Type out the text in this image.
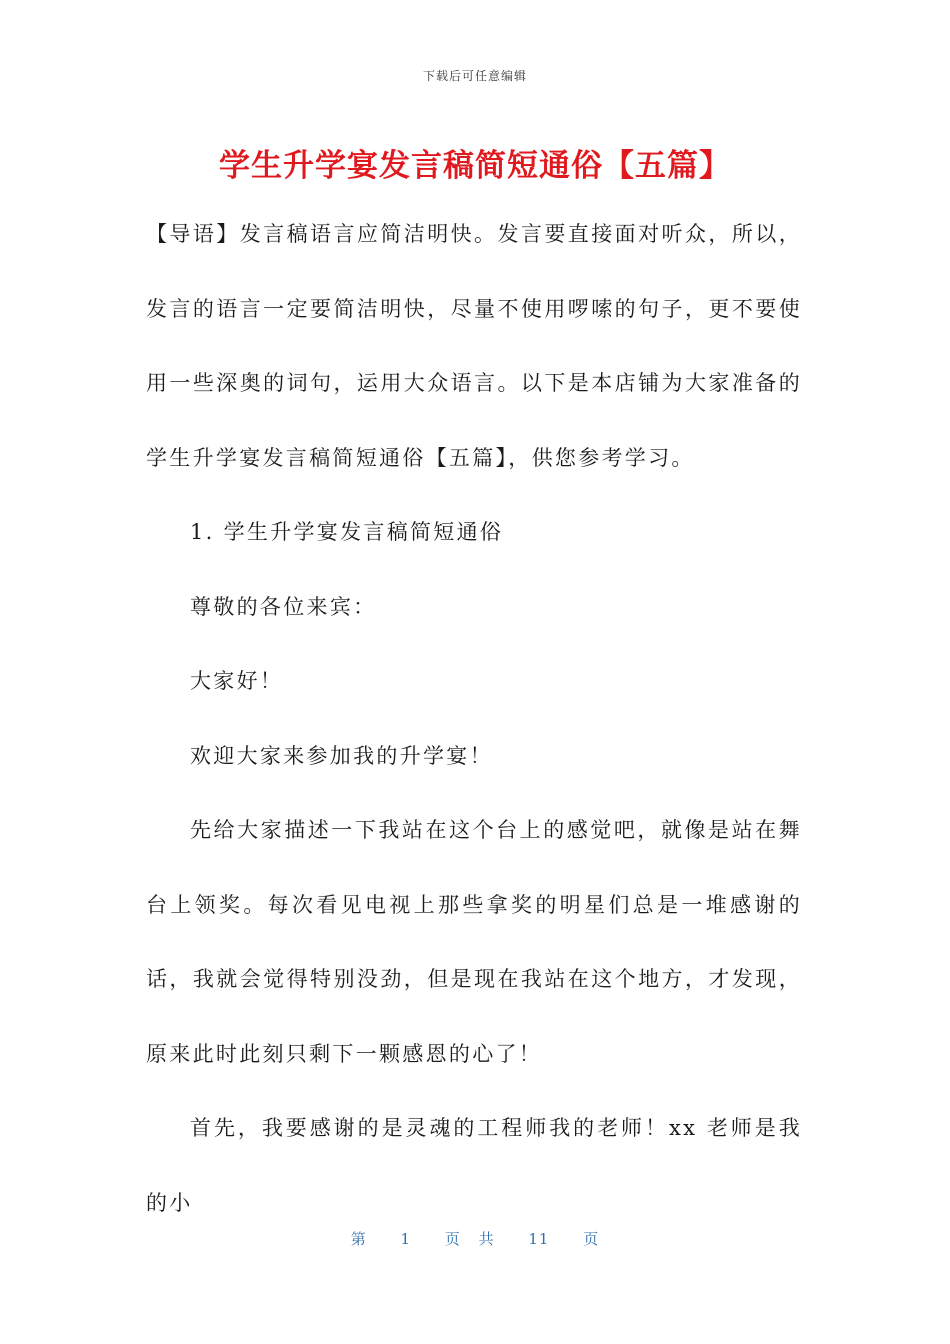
下载后可任意编辑
学生升学宴发言稿简短通俗【五篇】

【导语】发言稿语言应简洁明快。发言要直接面对听众，所以，发言的语言一定要简洁明快，尽量不使用啰嗦的句子，更不要使用一些深奥的词句，运用大众语言。以下是本店铺为大家准备的学生升学宴发言稿简短通俗【五篇】，供您参考学习。

1. 学生升学宴发言稿简短通俗

尊敬的各位来宾：

大家好！

欢迎大家来参加我的升学宴！

先给大家描述一下我站在这个台上的感觉吧，就像是站在舞台上领奖。每次看见电视上那些拿奖的明星们总是一堆感谢的话，我就会觉得特别没劲，但是现在我站在这个地方，才发现，原来此时此刻只剩下一颗感恩的心了！

首先，我要感谢的是灵魂的工程师我的老师！xx 老师是我的小

第 1 页 共 11 页
